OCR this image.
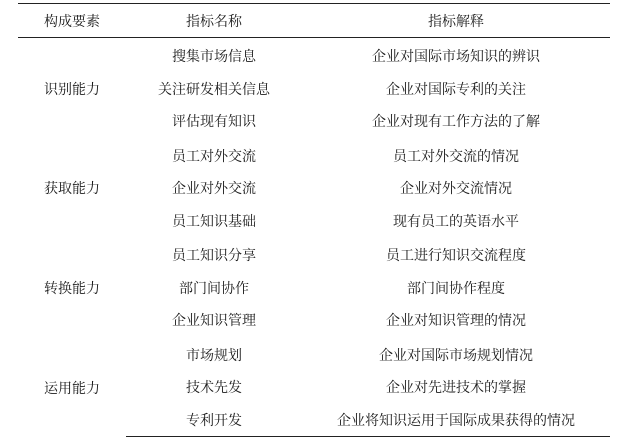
构成要素	指标名称	指标解释
识别能力	搜集市场信息	企业对国际市场知识的辨识
	关注研发相关信息	企业对国际专利的关注
	评估现有知识	企业对现有工作方法的了解
获取能力	员工对外交流	员工对外交流的情况
	企业对外交流	企业对外交流情况
	员工知识基础	现有员工的英语水平
转换能力	员工知识分享	员工进行知识交流程度
	部门间协作	部门间协作程度
	企业知识管理	企业对知识管理的情况
运用能力	市场规划	企业对国际市场规划情况
	技术先发	企业对先进技术的掌握
	专利开发	企业将知识运用于国际成果获得的情况
